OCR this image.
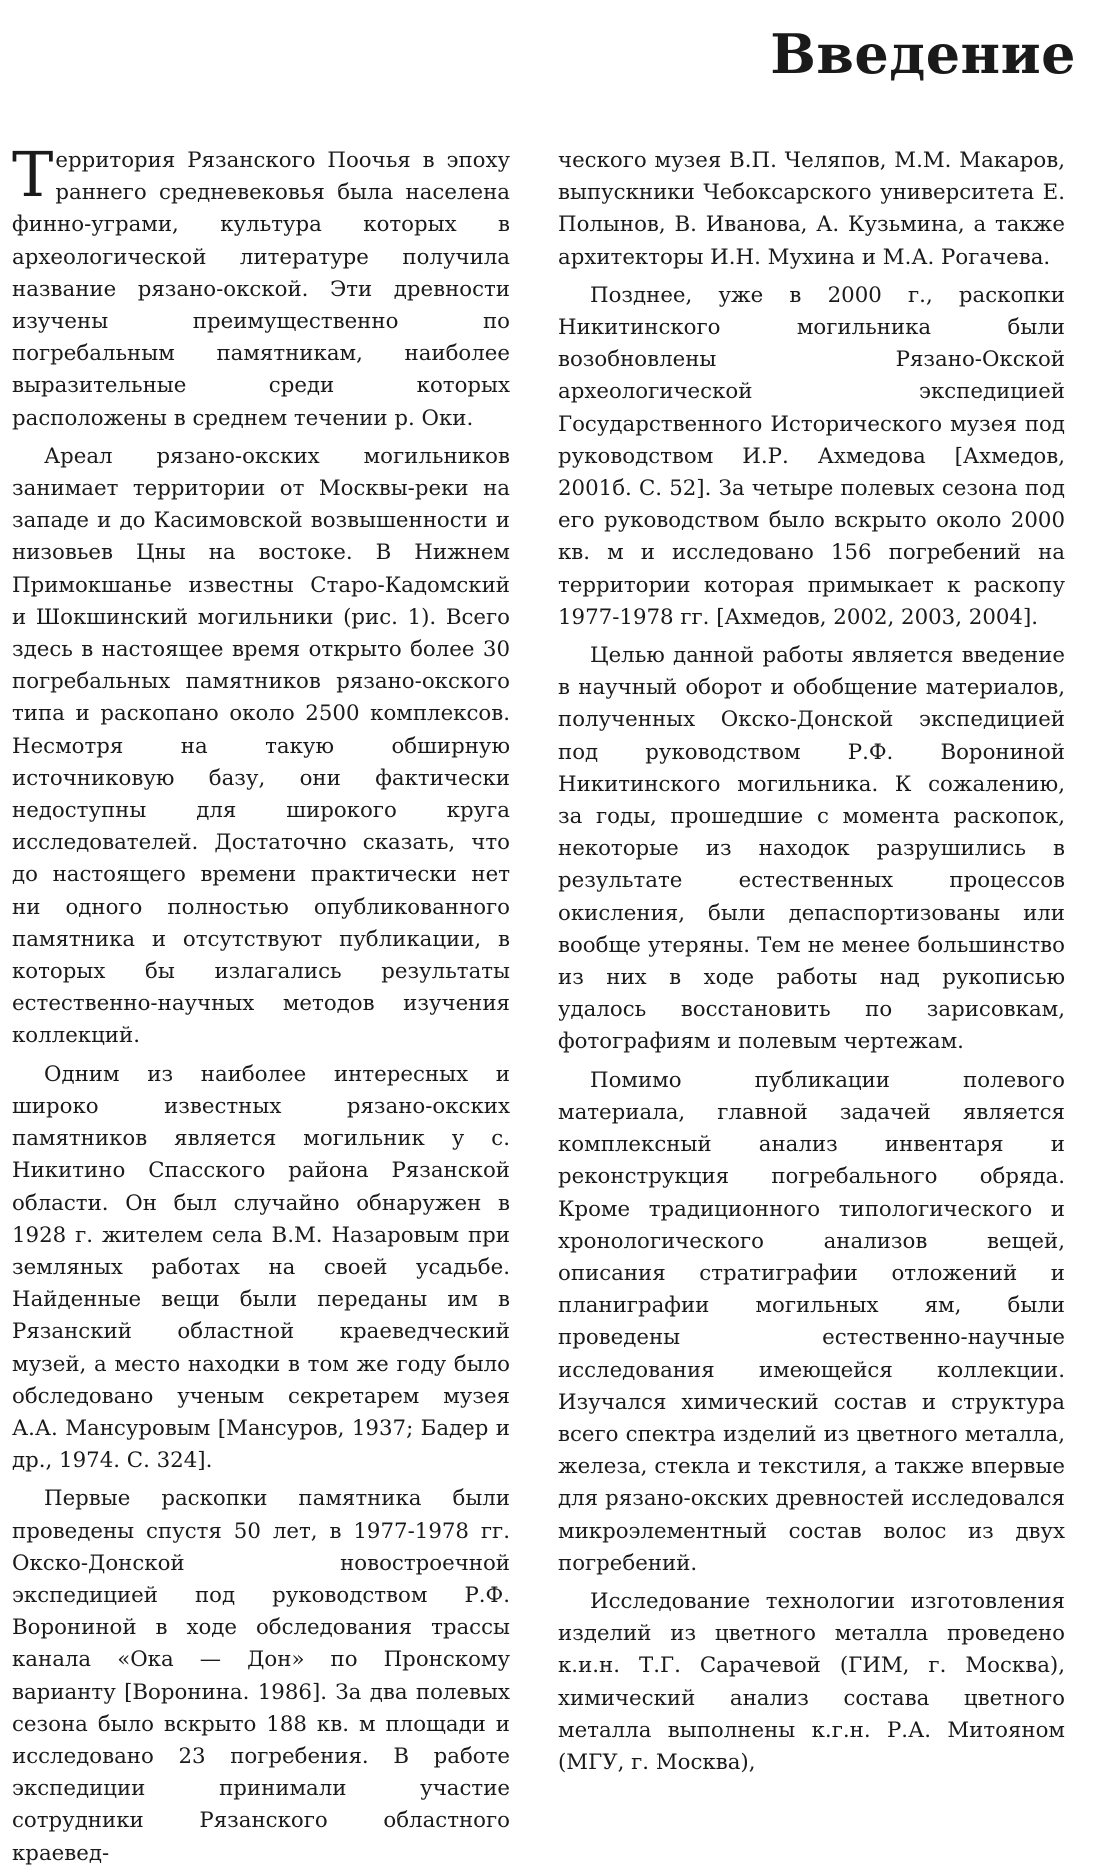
Введение

Территория Рязанского Поочья в эпоху раннего средневековья была населена финно-уграми, культура которых в археологической литературе получила название рязано-окской. Эти древности изучены преимущественно по погребальным памятникам, наиболее выразительные среди которых расположены в среднем течении р. Оки.

Ареал рязано-окских могильников занимает территории от Москвы-реки на западе и до Касимовской возвышенности и низовьев Цны на востоке. В Нижнем Примокшанье известны Старо-Кадомский и Шокшинский могильники (рис. 1). Всего здесь в настоящее время открыто более 30 погребальных памятников рязано-окского типа и раскопано около 2500 комплексов. Несмотря на такую обширную источниковую базу, они фактически недоступны для широкого круга исследователей. Достаточно сказать, что до настоящего времени практически нет ни одного полностью опубликованного памятника и отсутствуют публикации, в которых бы излагались результаты естественно-научных методов изучения коллекций.

Одним из наиболее интересных и широко известных рязано-окских памятников является могильник у с. Никитино Спасского района Рязанской области. Он был случайно обнаружен в 1928 г. жителем села В.М. Назаровым при земляных работах на своей усадьбе. Найденные вещи были переданы им в Рязанский областной краеведческий музей, а место находки в том же году было обследовано ученым секретарем музея А.А. Мансуровым [Мансуров, 1937; Бадер и др., 1974. С. 324].

Первые раскопки памятника были проведены спустя 50 лет, в 1977-1978 гг. Окско-Донской новостроечной экспедицией под руководством Р.Ф. Ворониной в ходе обследования трассы канала «Ока — Дон» по Пронскому варианту [Воронина. 1986]. За два полевых сезона было вскрыто 188 кв. м площади и исследовано 23 погребения. В работе экспедиции принимали участие сотрудники Рязанского областного краевед-

ческого музея В.П. Челяпов, М.М. Макаров, выпускники Чебоксарского университета Е. Полынов, В. Иванова, А. Кузьмина, а также архитекторы И.Н. Мухина и М.А. Рогачева.

Позднее, уже в 2000 г., раскопки Никитинского могильника были возобновлены Рязано-Окской археологической экспедицией Государственного Исторического музея под руководством И.Р. Ахмедова [Ахмедов, 2001б. С. 52]. За четыре полевых сезона под его руководством было вскрыто около 2000 кв. м и исследовано 156 погребений на территории которая примыкает к раскопу 1977-1978 гг. [Ахмедов, 2002, 2003, 2004].

Целью данной работы является введение в научный оборот и обобщение материалов, полученных Окско-Донской экспедицией под руководством Р.Ф. Ворониной Никитинского могильника. К сожалению, за годы, прошедшие с момента раскопок, некоторые из находок разрушились в результате естественных процессов окисления, были депаспортизованы или вообще утеряны. Тем не менее большинство из них в ходе работы над рукописью удалось восстановить по зарисовкам, фотографиям и полевым чертежам.

Помимо публикации полевого материала, главной задачей является комплексный анализ инвентаря и реконструкция погребального обряда. Кроме традиционного типологического и хронологического анализов вещей, описания стратиграфии отложений и планиграфии могильных ям, были проведены естественно-научные исследования имеющейся коллекции. Изучался химический состав и структура всего спектра изделий из цветного металла, железа, стекла и текстиля, а также впервые для рязано-окских древностей исследовался микроэлементный состав волос из двух погребений.

Исследование технологии изготовления изделий из цветного металла проведено к.и.н. Т.Г. Сарачевой (ГИМ, г. Москва), химический анализ состава цветного металла выполнены к.г.н. Р.А. Митояном (МГУ, г. Москва),
